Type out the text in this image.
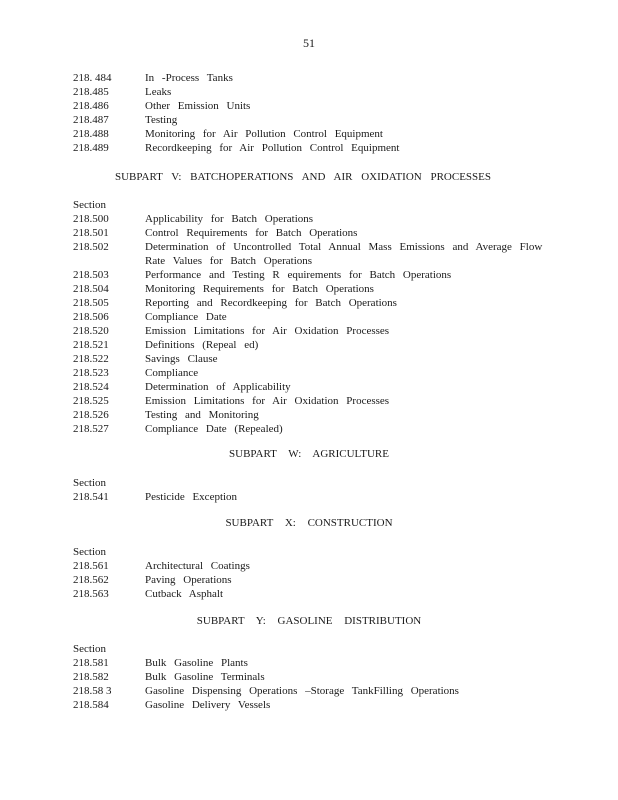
51
218. 484	In -Process Tanks
218.485	Leaks
218.486	Other Emission Units
218.487	Testing
218.488	Monitoring for Air Pollution Control Equipment
218.489	Recordkeeping for Air Pollution Control Equipment
SUBPART V: BATCHOPERATIONS AND AIR OXIDATION PROCESSES
Section
218.500	Applicability for Batch Operations
218.501	Control Requirements for Batch Operations
218.502	Determination of Uncontrolled Total Annual Mass Emissions and Average Flow Rate Values for Batch Operations
218.503	Performance and Testing R equirements for Batch Operations
218.504	Monitoring Requirements for Batch Operations
218.505	Reporting and Recordkeeping for Batch Operations
218.506	Compliance Date
218.520	Emission Limitations for Air Oxidation Processes
218.521	Definitions (Repeal ed)
218.522	Savings Clause
218.523	Compliance
218.524	Determination of Applicability
218.525	Emission Limitations for Air Oxidation Processes
218.526	Testing and Monitoring
218.527	Compliance Date (Repealed)
SUBPART W: AGRICULTURE
Section
218.541	Pesticide Exception
SUBPART X: CONSTRUCTION
Section
218.561	Architectural Coatings
218.562	Paving Operations
218.563	Cutback Asphalt
SUBPART Y: GASOLINE DISTRIBUTION
Section
218.581	Bulk Gasoline Plants
218.582	Bulk Gasoline Terminals
218.58 3	Gasoline Dispensing Operations –Storage TankFilling Operations
218.584	Gasoline Delivery Vessels
